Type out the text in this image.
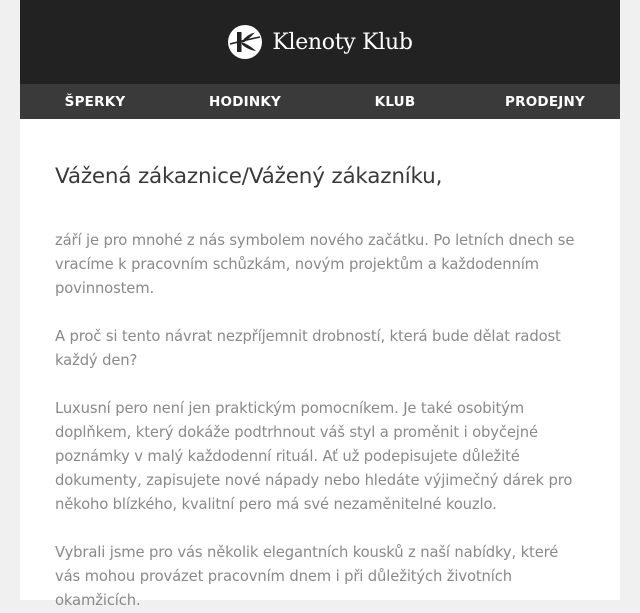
Klenoty Klub
ŠPERKY	HODINKY	KLUB	PRODEJNY
Vážená zákaznice/Vážený zákazníku,

září je pro mnohé z nás symbolem nového začátku. Po letních dnech se vracíme k pracovním schůzkám, novým projektům a každodenním povinnostem.

A proč si tento návrat nezpříjemnit drobností, která bude dělat radost každý den?

Luxusní pero není jen praktickým pomocníkem. Je také osobitým doplňkem, který dokáže podtrhnout váš styl a proměnit i obyčejné poznámky v malý každodenní rituál. Ať už podepisujete důležité dokumenty, zapisujete nové nápady nebo hledáte výjimečný dárek pro někoho blízkého, kvalitní pero má své nezaměnitelné kouzlo.

Vybrali jsme pro vás několik elegantních kousků z naší nabídky, které vás mohou provázet pracovním dnem i při důležitých životních okamžicích.
